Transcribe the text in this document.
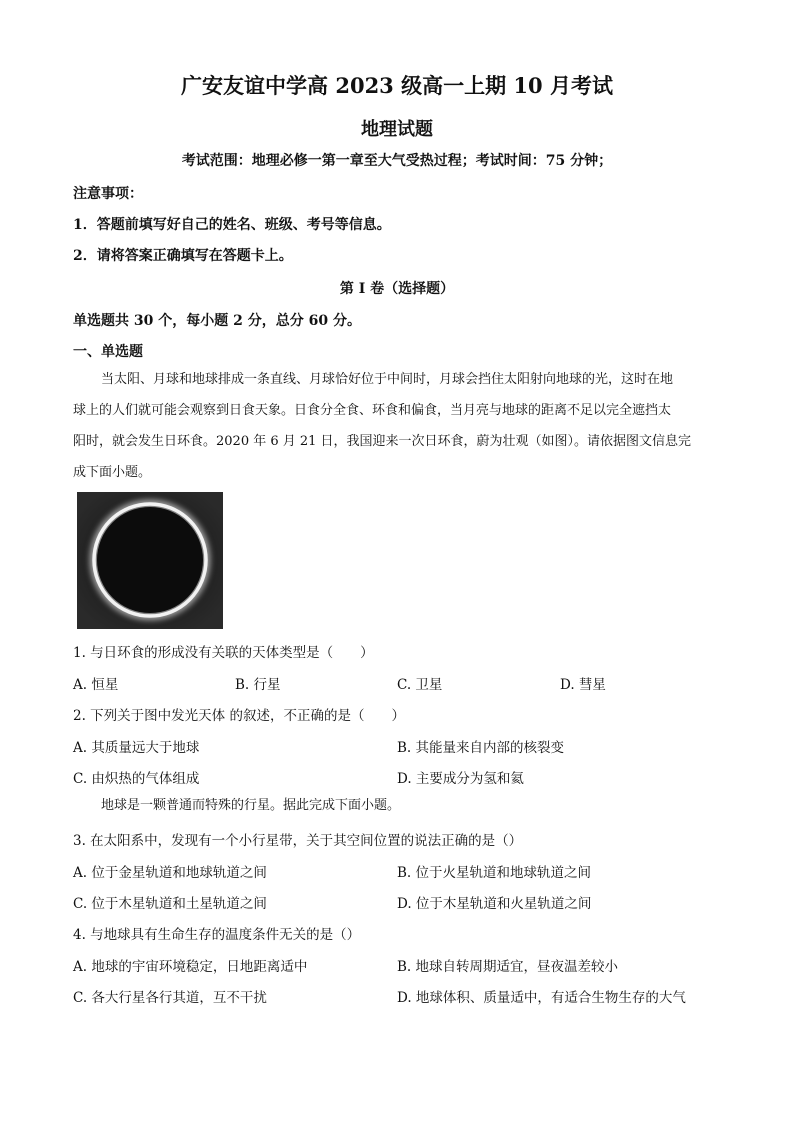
广安友谊中学高 2023 级高一上期 10 月考试
地理试题
考试范围：地理必修一第一章至大气受热过程；考试时间：75 分钟；
注意事项：
1．答题前填写好自己的姓名、班级、考号等信息。
2．请将答案正确填写在答题卡上。
第 I 卷（选择题）
单选题共 30 个，每小题 2 分，总分 60 分。
一、单选题
当太阳、月球和地球排成一条直线、月球恰好位于中间时，月球会挡住太阳射向地球的光，这时在地
球上的人们就可能会观察到日食天象。日食分全食、环食和偏食，当月亮与地球的距离不足以完全遮挡太
阳时，就会发生日环食。2020 年 6 月 21 日，我国迎来一次日环食，蔚为壮观（如图）。请依据图文信息完
成下面小题。
1. 与日环食的形成没有关联的天体类型是（　　）
A. 恒星	B. 行星	C. 卫星	D. 彗星
2. 下列关于图中发光天体 的叙述，不正确的是（　　）
A. 其质量远大于地球	B. 其能量来自内部的核裂变
C. 由炽热的气体组成	D. 主要成分为氢和氦
地球是一颗普通而特殊的行星。据此完成下面小题。
3. 在太阳系中，发现有一个小行星带，关于其空间位置的说法正确的是（）
A. 位于金星轨道和地球轨道之间	B. 位于火星轨道和地球轨道之间
C. 位于木星轨道和土星轨道之间	D. 位于木星轨道和火星轨道之间
4. 与地球具有生命生存的温度条件无关的是（）
A. 地球的宇宙环境稳定，日地距离适中	B. 地球自转周期适宜，昼夜温差较小
C. 各大行星各行其道，互不干扰	D. 地球体积、质量适中，有适合生物生存的大气
